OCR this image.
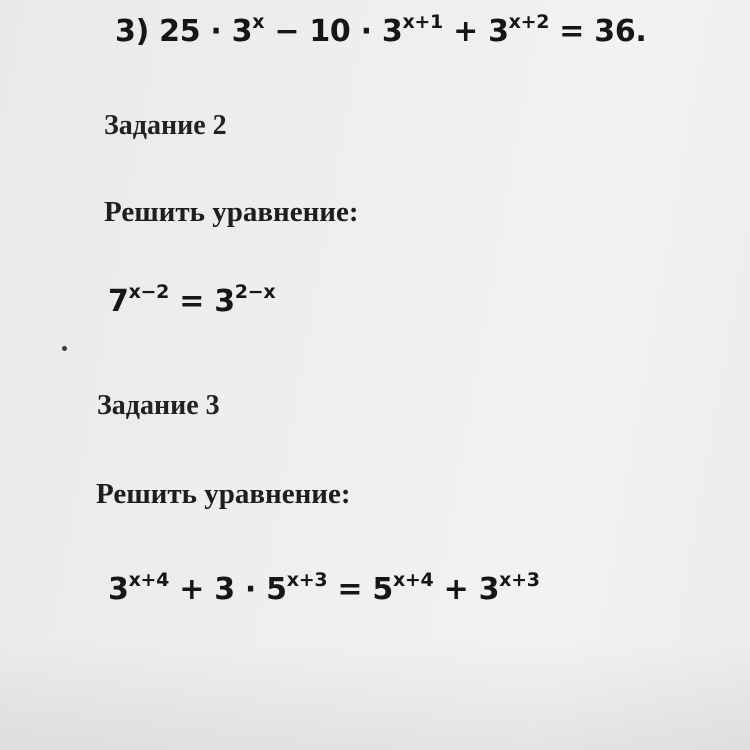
3) $25 \cdot 3^x - 10 \cdot 3^{x+1} + 3^{x+2} = 36$.
Задание 2
Решить уравнение:
$7^{x-2} = 3^{2-x}$
Задание 3
Решить уравнение:
$3^{x+4} + 3 \cdot 5^{x+3} = 5^{x+4} + 3^{x+3}$
